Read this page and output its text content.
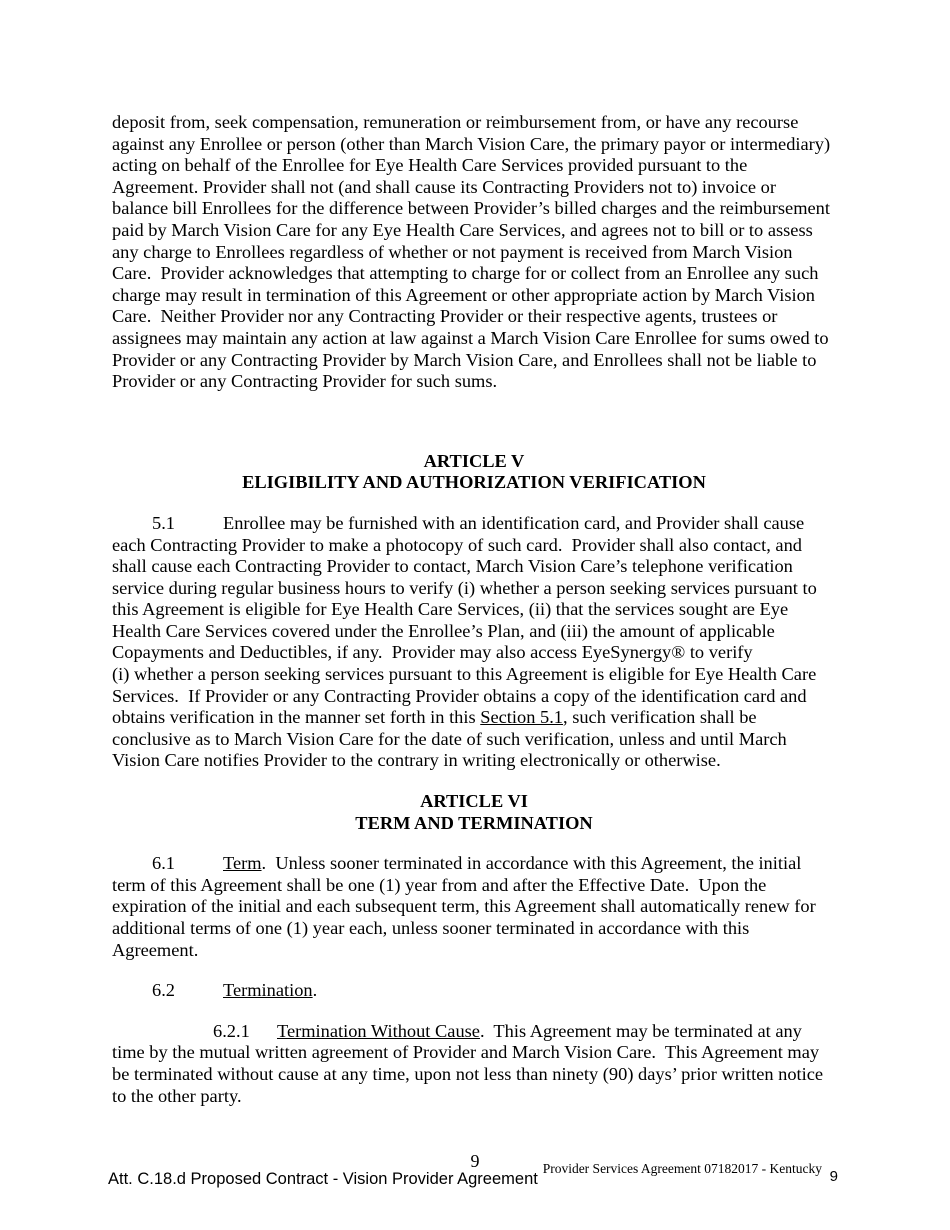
deposit from, seek compensation, remuneration or reimbursement from, or have any recourse against any Enrollee or person (other than March Vision Care, the primary payor or intermediary) acting on behalf of the Enrollee for Eye Health Care Services provided pursuant to the Agreement. Provider shall not (and shall cause its Contracting Providers not to) invoice or balance bill Enrollees for the difference between Provider’s billed charges and the reimbursement paid by March Vision Care for any Eye Health Care Services, and agrees not to bill or to assess any charge to Enrollees regardless of whether or not payment is received from March Vision Care.  Provider acknowledges that attempting to charge for or collect from an Enrollee any such charge may result in termination of this Agreement or other appropriate action by March Vision Care.  Neither Provider nor any Contracting Provider or their respective agents, trustees or assignees may maintain any action at law against a March Vision Care Enrollee for sums owed to Provider or any Contracting Provider by March Vision Care, and Enrollees shall not be liable to Provider or any Contracting Provider for such sums.

ARTICLE V
ELIGIBILITY AND AUTHORIZATION VERIFICATION

5.1	Enrollee may be furnished with an identification card, and Provider shall cause each Contracting Provider to make a photocopy of such card.  Provider shall also contact, and shall cause each Contracting Provider to contact, March Vision Care’s telephone verification service during regular business hours to verify (i) whether a person seeking services pursuant to this Agreement is eligible for Eye Health Care Services, (ii) that the services sought are Eye Health Care Services covered under the Enrollee’s Plan, and (iii) the amount of applicable Copayments and Deductibles, if any.  Provider may also access EyeSynergy® to verify
(i) whether a person seeking services pursuant to this Agreement is eligible for Eye Health Care Services.  If Provider or any Contracting Provider obtains a copy of the identification card and obtains verification in the manner set forth in this Section 5.1, such verification shall be conclusive as to March Vision Care for the date of such verification, unless and until March Vision Care notifies Provider to the contrary in writing electronically or otherwise.

ARTICLE VI
TERM AND TERMINATION

6.1	Term.  Unless sooner terminated in accordance with this Agreement, the initial term of this Agreement shall be one (1) year from and after the Effective Date.  Upon the expiration of the initial and each subsequent term, this Agreement shall automatically renew for additional terms of one (1) year each, unless sooner terminated in accordance with this Agreement.

6.2	Termination.

6.2.1 Termination Without Cause.  This Agreement may be terminated at any time by the mutual written agreement of Provider and March Vision Care.  This Agreement may be terminated without cause at any time, upon not less than ninety (90) days’ prior written notice to the other party.

9
Att. C.18.d Proposed Contract - Vision Provider Agreement
Provider Services Agreement 07182017 - Kentucky 9
